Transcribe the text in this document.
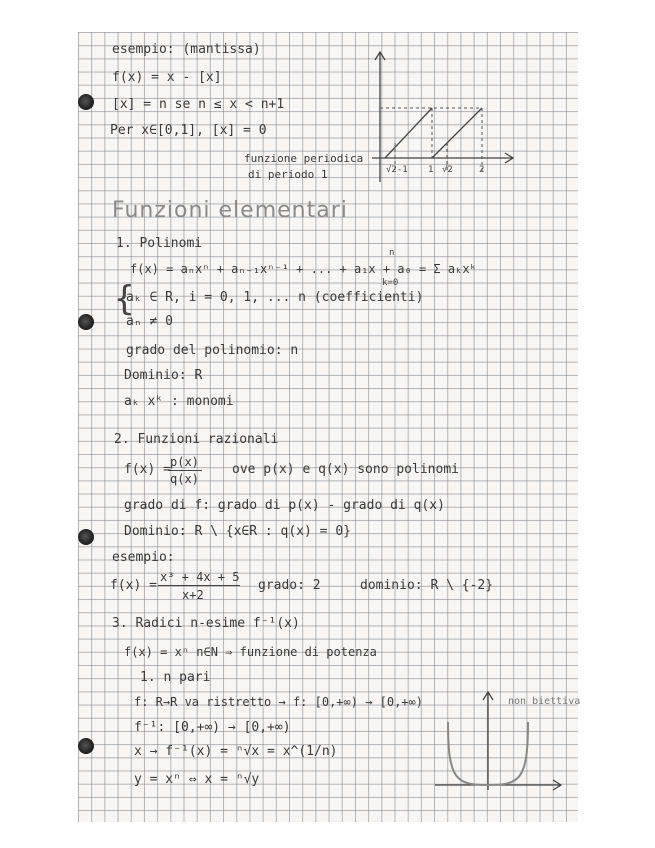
esempio: (mantissa)
f(x) = x - [x]
[x] = n se n ≤ x < n+1
Per x∈[0,1], [x] = 0
funzione periodica
di periodo 1	√2-1 1 √2	2
Funzioni elementari
1. Polinomi
f(x) = aₙxⁿ + aₙ₋₁xⁿ⁻¹ + ... + a₁x + a₀ = Σ aₖxᵏ
n
k=0
{
aₖ ∈ R, i = 0, 1, ... n (coefficienti)
aₙ ≠ 0
grado del polinomio: n
Dominio: R
aₖ xᵏ : monomi
2. Funzioni razionali
f(x) = p(x)
q(x)
ove p(x) e q(x) sono polinomi
grado di f: grado di p(x) - grado di q(x)
Dominio: R \ {x∈R : q(x) = 0}
esempio:
f(x) =
x³ + 4x + 5
x+2
grado: 2	dominio: R \ {-2}
3. Radici n-esime f⁻¹(x)
f(x) = xⁿ n∈N ⇒ funzione di potenza
1. n pari
f: R→R va ristretto → f: [0,+∞) → [0,+∞)
f⁻¹: [0,+∞) → [0,+∞)
x → f⁻¹(x) = ⁿ√x = x^(1/n)
y = xⁿ ⇔ x = ⁿ√y
non biettiva
